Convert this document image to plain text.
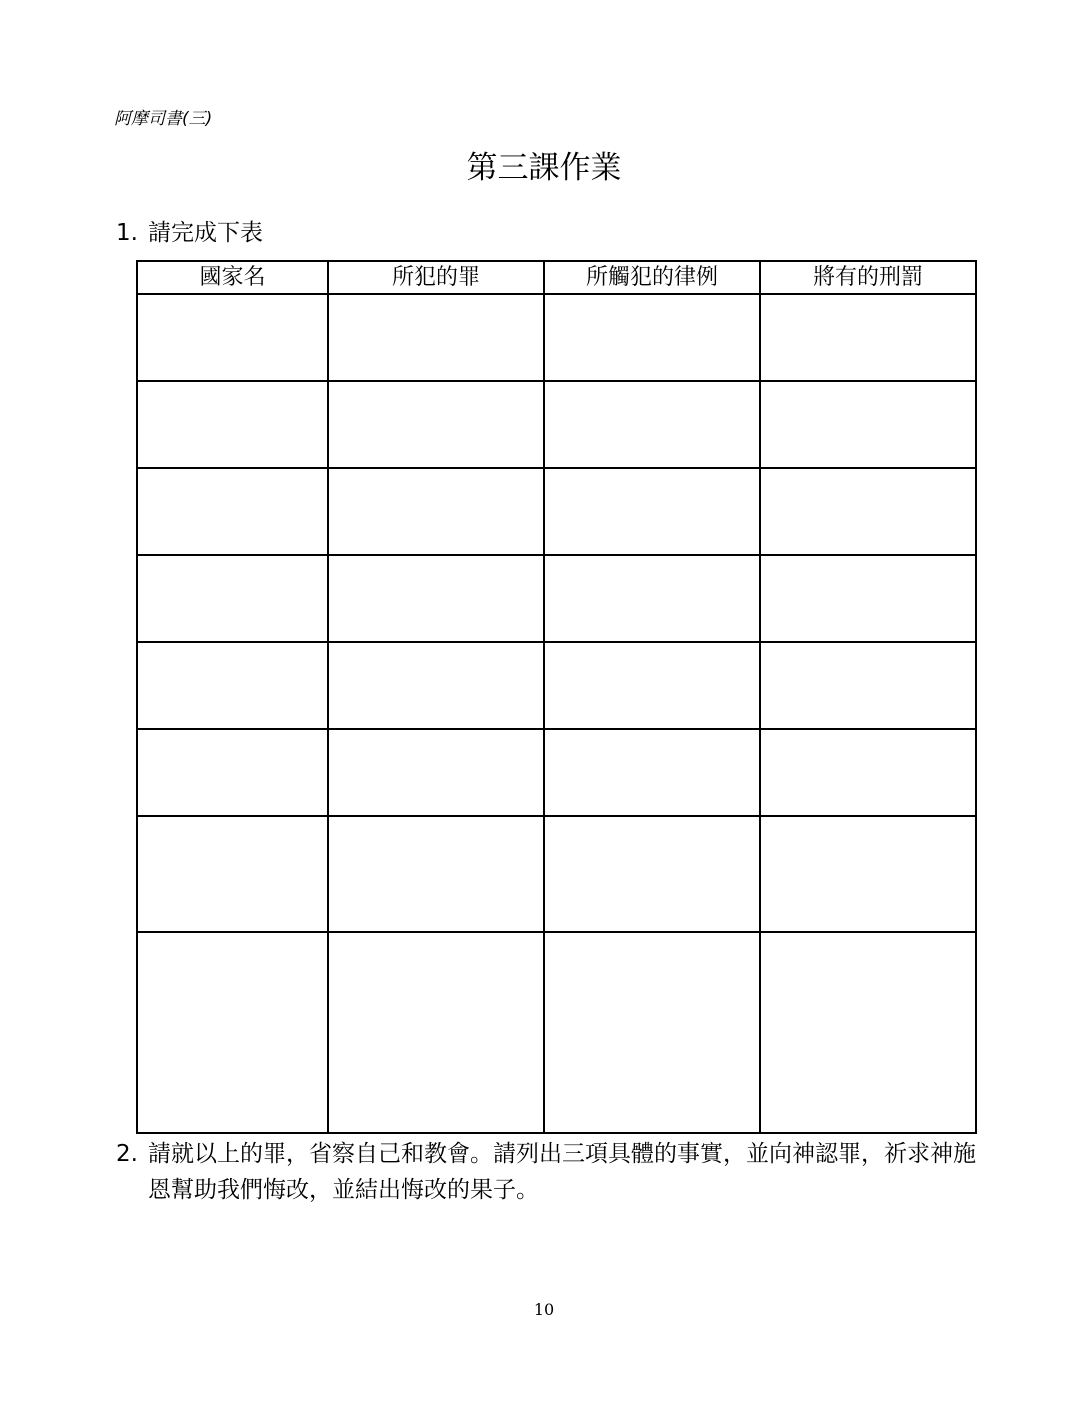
阿摩司書(三)
第三課作業
1. 請完成下表
國家名	所犯的罪	所觸犯的律例	將有的刑罰

2. 請就以上的罪，省察自己和教會。請列出三項具體的事實，並向神認罪，祈求神施恩幫助我們悔改，並結出悔改的果子。
10
